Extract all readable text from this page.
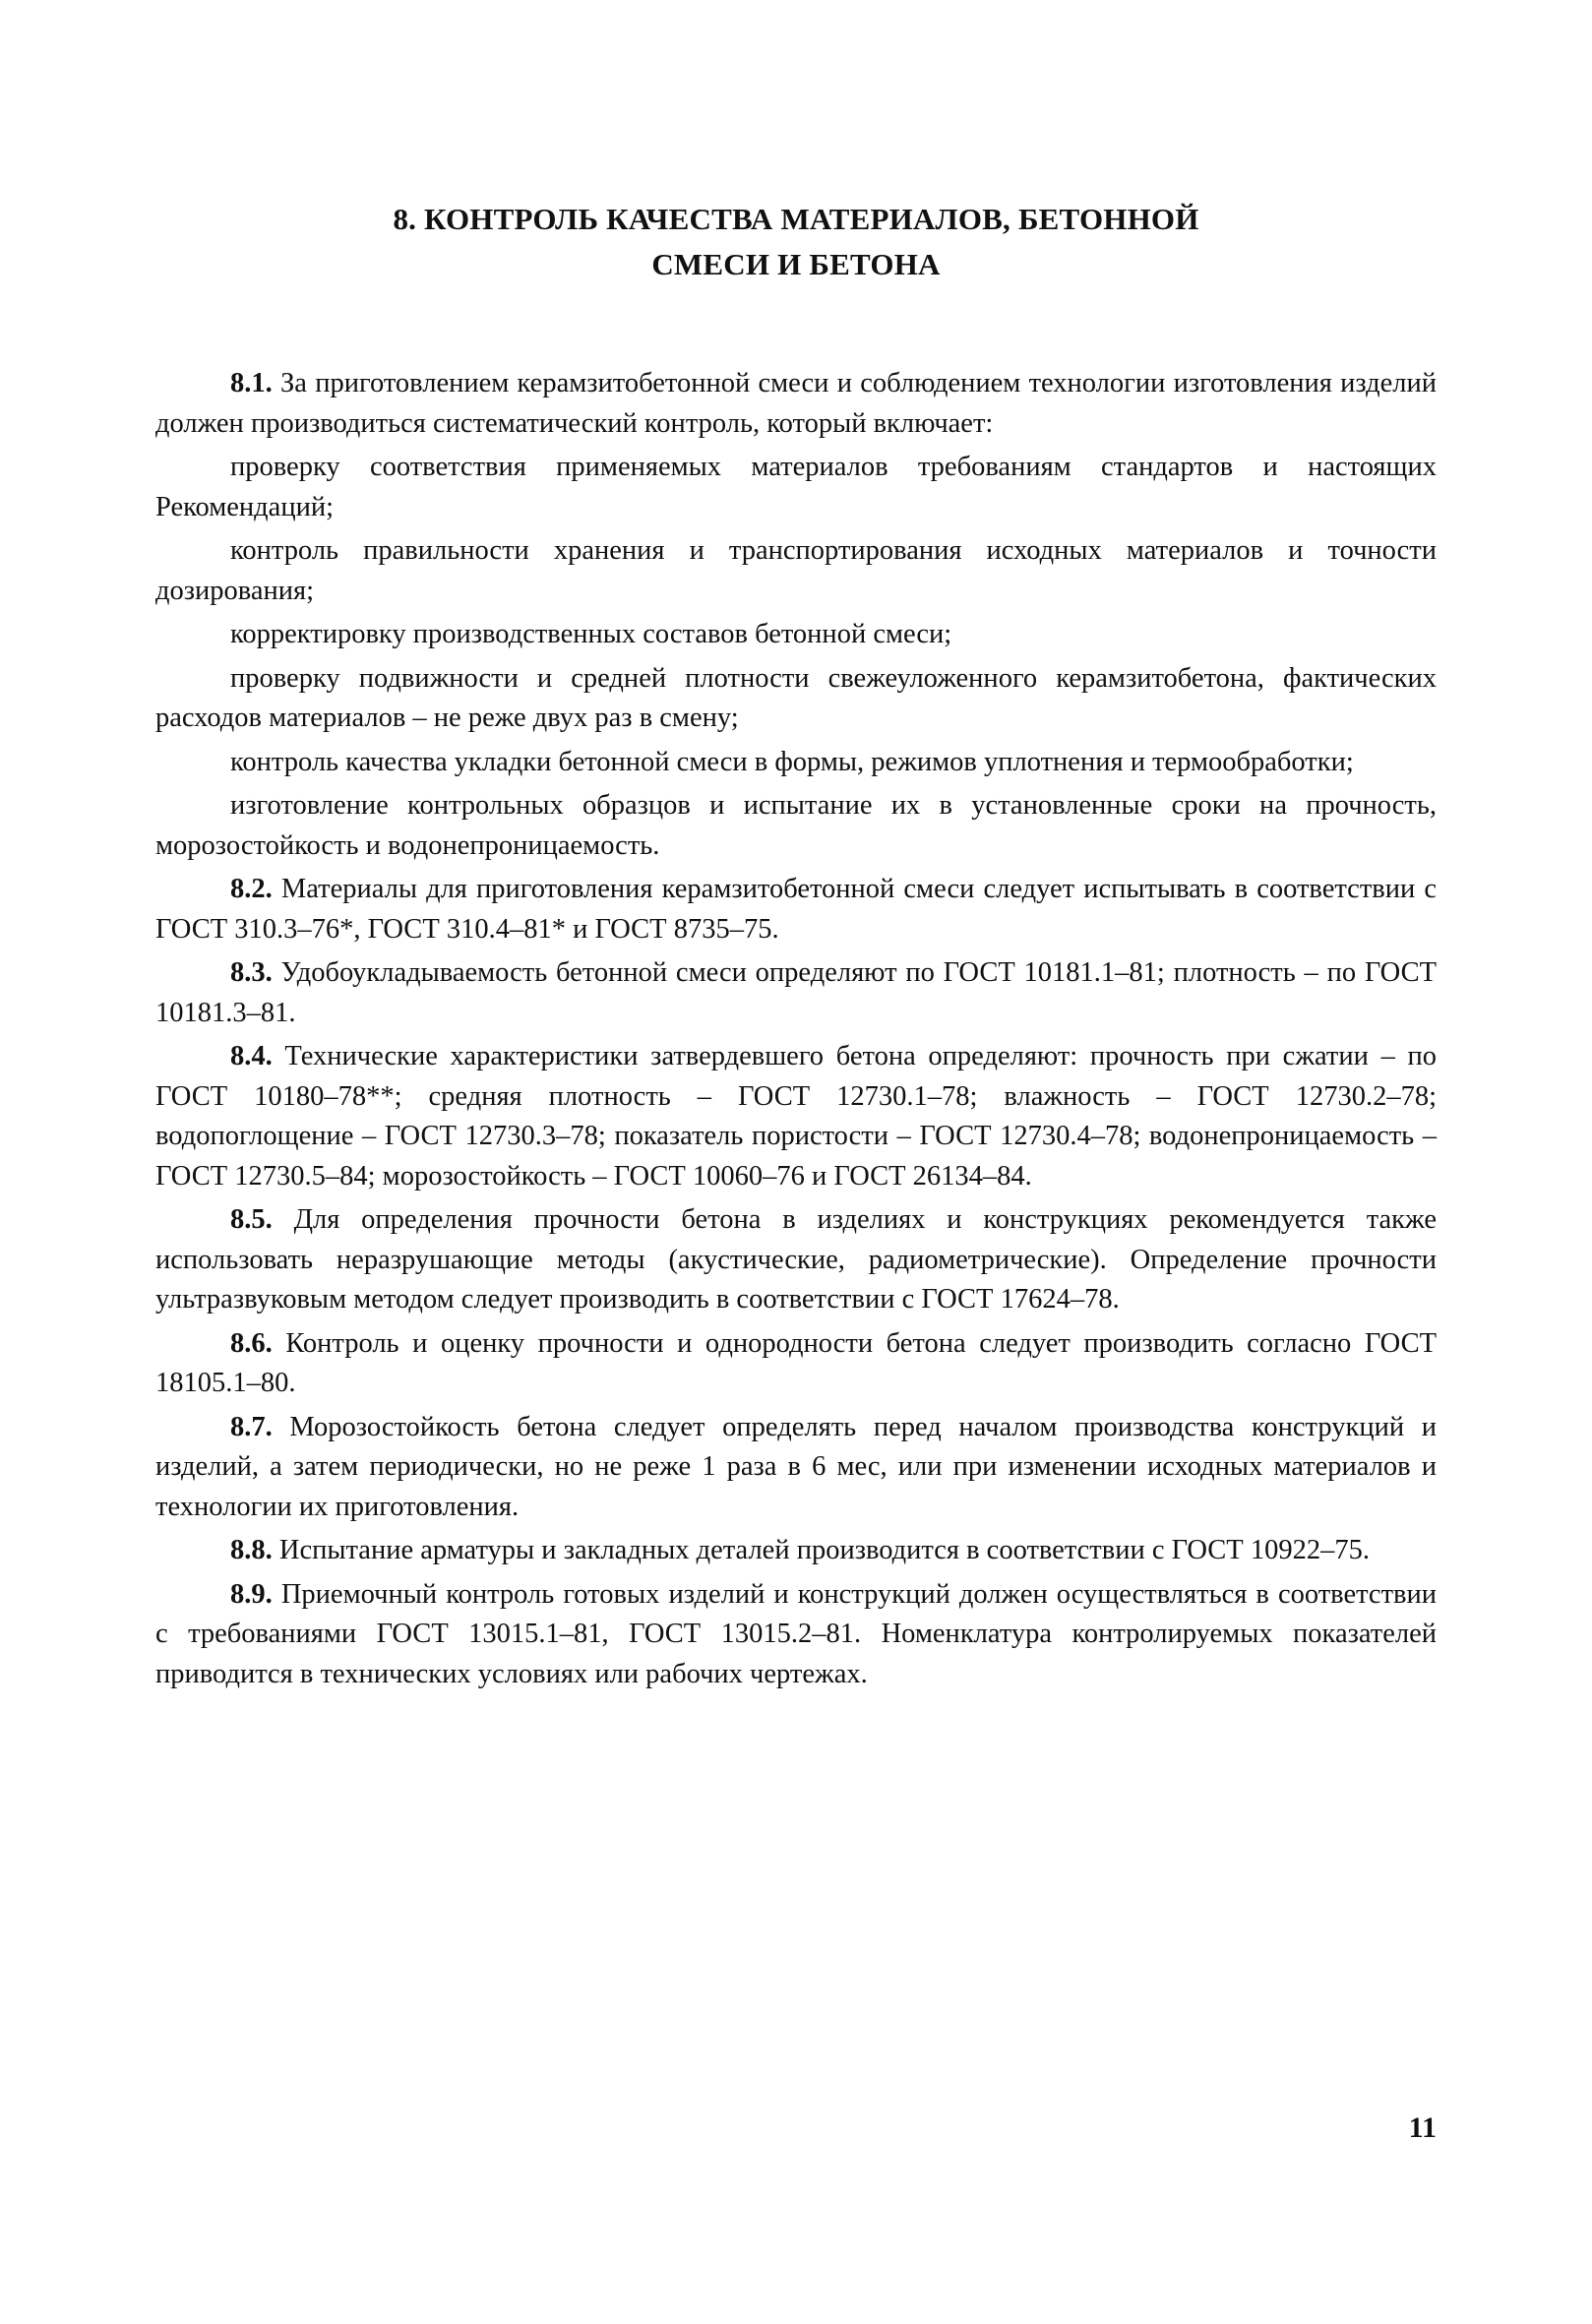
8. КОНТРОЛЬ КАЧЕСТВА МАТЕРИАЛОВ, БЕТОННОЙ
СМЕСИ И БЕТОНА

8.1. За приготовлением керамзитобетонной смеси и соблюдением технологии изготовления изделий должен производиться систематический контроль, который включает:

проверку соответствия применяемых материалов требованиям стандартов и настоящих Рекомендаций;

контроль правильности хранения и транспортирования исходных материалов и точности дозирования;

корректировку производственных составов бетонной смеси;

проверку подвижности и средней плотности свежеуложенного керамзитобетона, фактических расходов материалов – не реже двух раз в смену;

контроль качества укладки бетонной смеси в формы, режимов уплотнения и термообработки;

изготовление контрольных образцов и испытание их в установленные сроки на прочность, морозостойкость и водонепроницаемость.

8.2. Материалы для приготовления керамзитобетонной смеси следует испытывать в соответствии с ГОСТ 310.3–76*, ГОСТ 310.4–81* и ГОСТ 8735–75.

8.3. Удобоукладываемость бетонной смеси определяют по ГОСТ 10181.1–81; плотность – по ГОСТ 10181.3–81.

8.4. Технические характеристики затвердевшего бетона определяют: прочность при сжатии – по ГОСТ 10180–78**; средняя плотность – ГОСТ 12730.1–78; влажность – ГОСТ 12730.2–78; водопоглощение – ГОСТ 12730.3–78; показатель пористости – ГОСТ 12730.4–78; водонепроницаемость – ГОСТ 12730.5–84; морозостойкость – ГОСТ 10060–76 и ГОСТ 26134–84.

8.5. Для определения прочности бетона в изделиях и конструкциях рекомендуется также использовать неразрушающие методы (акустические, радиометрические). Определение прочности ультразвуковым методом следует производить в соответствии с ГОСТ 17624–78.

8.6. Контроль и оценку прочности и однородности бетона следует производить согласно ГОСТ 18105.1–80.

8.7. Морозостойкость бетона следует определять перед началом производства конструкций и изделий, а затем периодически, но не реже 1 раза в 6 мес, или при изменении исходных материалов и технологии их приготовления.

8.8. Испытание арматуры и закладных деталей производится в соответствии с ГОСТ 10922–75.

8.9. Приемочный контроль готовых изделий и конструкций должен осуществляться в соответствии с требованиями ГОСТ 13015.1–81, ГОСТ 13015.2–81. Номенклатура контролируемых показателей приводится в технических условиях или рабочих чертежах.

11
